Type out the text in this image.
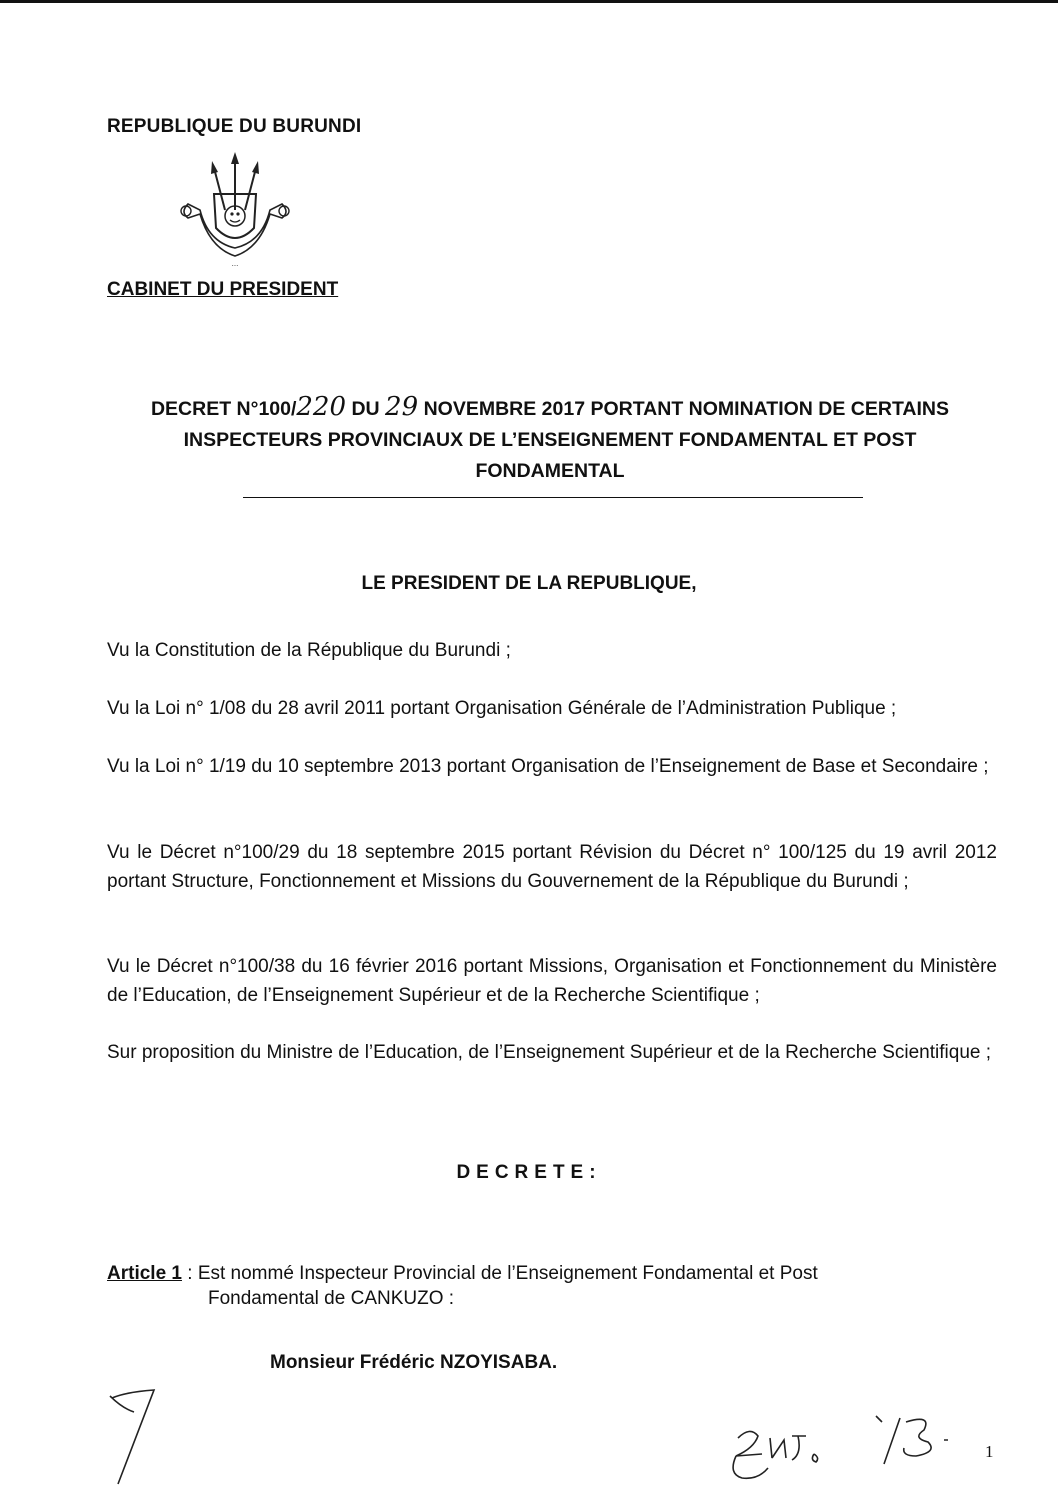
REPUBLIQUE DU BURUNDI
···
CABINET DU PRESIDENT
DECRET N°100/220 DU 29 NOVEMBRE 2017 PORTANT NOMINATION DE CERTAINS
INSPECTEURS PROVINCIAUX DE L’ENSEIGNEMENT FONDAMENTAL ET POST
FONDAMENTAL
LE PRESIDENT DE LA REPUBLIQUE,
Vu la Constitution de la République du Burundi ;
Vu la Loi n° 1/08 du 28 avril 2011 portant Organisation Générale de l’Administration Publique ;
Vu la Loi n° 1/19 du 10 septembre 2013 portant Organisation de l’Enseignement de Base et Secondaire ;
Vu le Décret n°100/29 du 18 septembre 2015 portant Révision du Décret n° 100/125 du 19 avril 2012 portant Structure, Fonctionnement et Missions du Gouvernement de la République du Burundi ;
Vu le Décret n°100/38 du 16 février 2016 portant Missions, Organisation et Fonctionnement du Ministère de l’Education, de l’Enseignement Supérieur et de la Recherche Scientifique ;
Sur proposition du Ministre de l’Education, de l’Enseignement Supérieur et de la Recherche Scientifique ;
DECRETE:
Article 1 : Est nommé Inspecteur Provincial de l’Enseignement Fondamental et Post
Fondamental de CANKUZO :
Monsieur Frédéric NZOYISABA.
1
